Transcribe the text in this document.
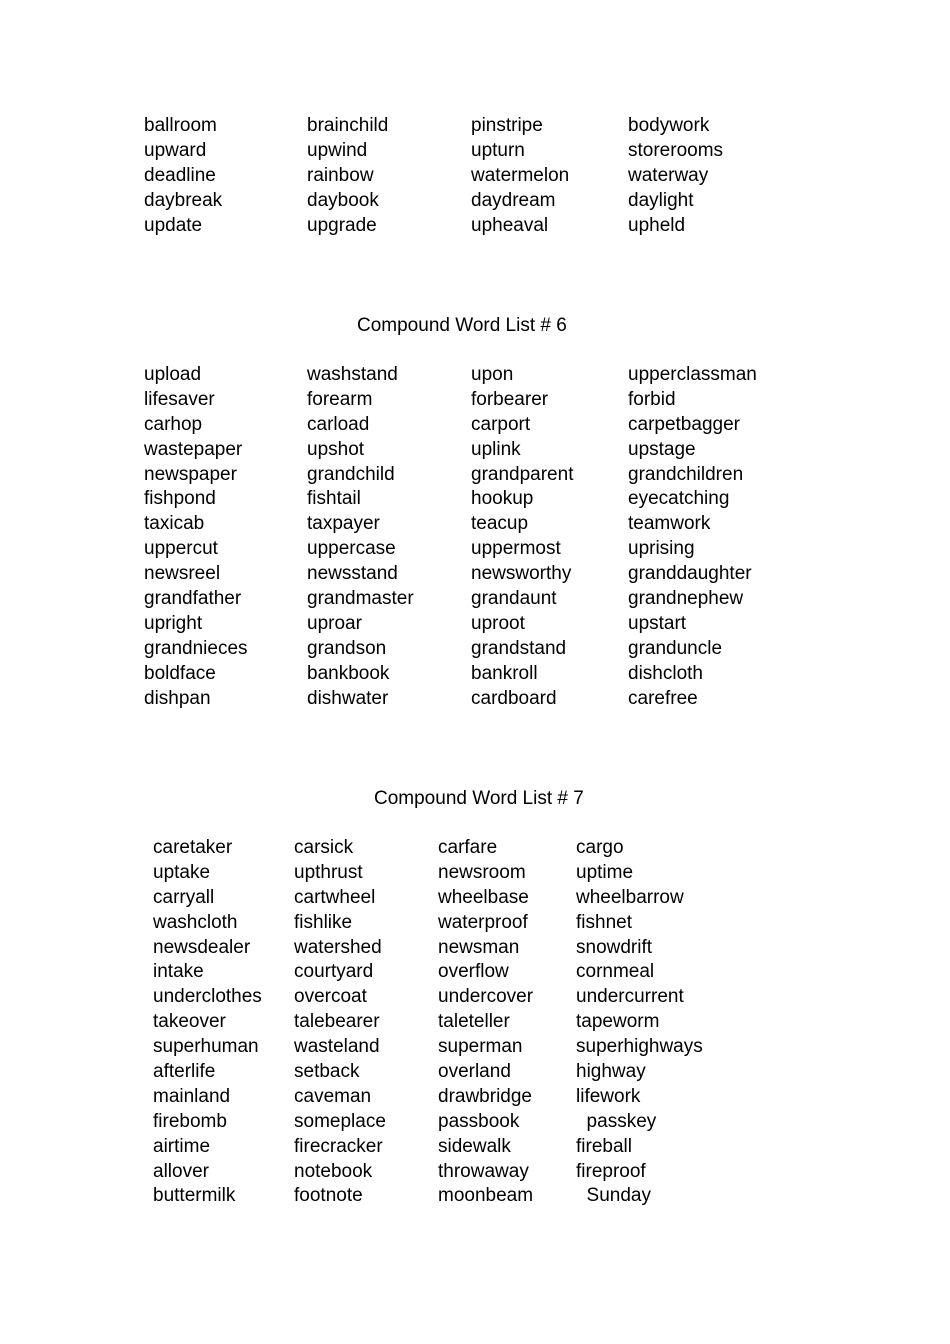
ballroom
upward
deadline
daybreak
update
brainchild
upwind
rainbow
daybook
upgrade
pinstripe
upturn
watermelon
daydream
upheaval
bodywork
storerooms
waterway
daylight
upheld
Compound Word List # 6
upload
lifesaver
carhop
wastepaper
newspaper
fishpond
taxicab
uppercut
newsreel
grandfather
upright
grandnieces
boldface
dishpan
washstand
forearm
carload
upshot
grandchild
fishtail
taxpayer
uppercase
newsstand
grandmaster
uproar
grandson
bankbook
dishwater
upon
forbearer
carport
uplink
grandparent
hookup
teacup
uppermost
newsworthy
grandaunt
uproot
grandstand
bankroll
cardboard
upperclassman
forbid
carpetbagger
upstage
grandchildren
eyecatching
teamwork
uprising
granddaughter
grandnephew
upstart
granduncle
dishcloth
carefree
Compound Word List # 7
caretaker
uptake
carryall
washcloth
newsdealer
intake
underclothes
takeover
superhuman
afterlife
mainland
firebomb
airtime
allover
buttermilk
carsick
upthrust
cartwheel
fishlike
watershed
courtyard
overcoat
talebearer
wasteland
setback
caveman
someplace
firecracker
notebook
footnote
carfare
newsroom
wheelbase
waterproof
newsman
overflow
undercover
taleteller
superman
overland
drawbridge
passbook
sidewalk
throwaway
moonbeam
cargo
uptime
wheelbarrow
fishnet
snowdrift
cornmeal
undercurrent
tapeworm
superhighways
highway
lifework
passkey
fireball
fireproof
Sunday
